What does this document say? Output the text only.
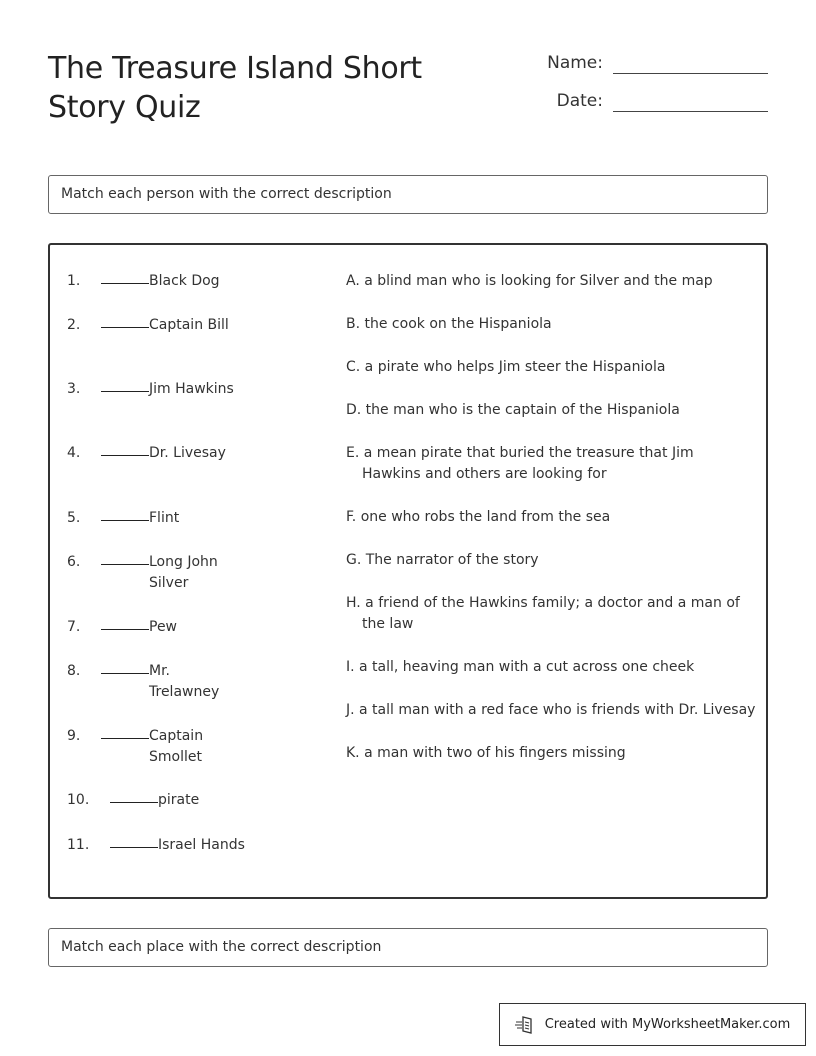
The Treasure Island Short Story Quiz
Name:
Date:
Match each person with the correct description
1.	Black Dog
2.	Captain Bill
3.	Jim Hawkins
4.	Dr. Livesay
5.	Flint
6.	Long John Silver
7.	Pew
8.	Mr. Trelawney
9.	Captain Smollet
10.	pirate
11.	Israel Hands
A. a blind man who is looking for Silver and the map
B. the cook on the Hispaniola
C. a pirate who helps Jim steer the Hispaniola
D. the man who is the captain of the Hispaniola
E. a mean pirate that buried the treasure that Jim Hawkins and others are looking for
F. one who robs the land from the sea
G. The narrator of the story
H. a friend of the Hawkins family; a doctor and a man of the law
I. a tall, heaving man with a cut across one cheek
J. a tall man with a red face who is friends with Dr. Livesay
K. a man with two of his fingers missing
Match each place with the correct description
Created with MyWorksheetMaker.com
